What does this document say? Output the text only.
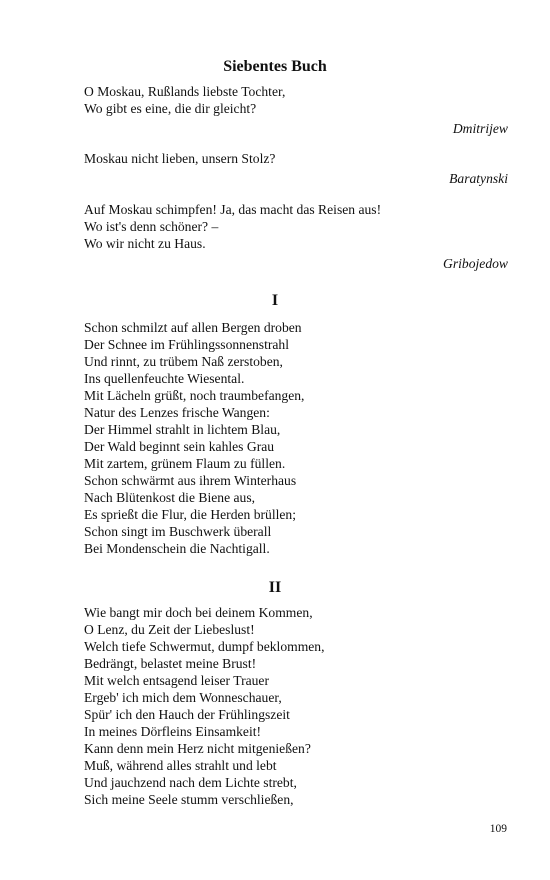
Siebentes Buch
O Moskau, Rußlands liebste Tochter,
Wo gibt es eine, die dir gleicht?
Dmitrijew
Moskau nicht lieben, unsern Stolz?
Baratynski
Auf Moskau schimpfen! Ja, das macht das Reisen aus!
Wo ist's denn schöner? –
Wo wir nicht zu Haus.
Gribojedow
I
Schon schmilzt auf allen Bergen droben
Der Schnee im Frühlingssonnenstrahl
Und rinnt, zu trübem Naß zerstoben,
Ins quellenfeuchte Wiesental.
Mit Lächeln grüßt, noch traumbefangen,
Natur des Lenzes frische Wangen:
Der Himmel strahlt in lichtem Blau,
Der Wald beginnt sein kahles Grau
Mit zartem, grünem Flaum zu füllen.
Schon schwärmt aus ihrem Winterhaus
Nach Blütenkost die Biene aus,
Es sprießt die Flur, die Herden brüllen;
Schon singt im Buschwerk überall
Bei Mondenschein die Nachtigall.
II
Wie bangt mir doch bei deinem Kommen,
O Lenz, du Zeit der Liebeslust!
Welch tiefe Schwermut, dumpf beklommen,
Bedrängt, belastet meine Brust!
Mit welch entsagend leiser Trauer
Ergeb' ich mich dem Wonneschauer,
Spür' ich den Hauch der Frühlingszeit
In meines Dörfleins Einsamkeit!
Kann denn mein Herz nicht mitgenießen?
Muß, während alles strahlt und lebt
Und jauchzend nach dem Lichte strebt,
Sich meine Seele stumm verschließen,
109
